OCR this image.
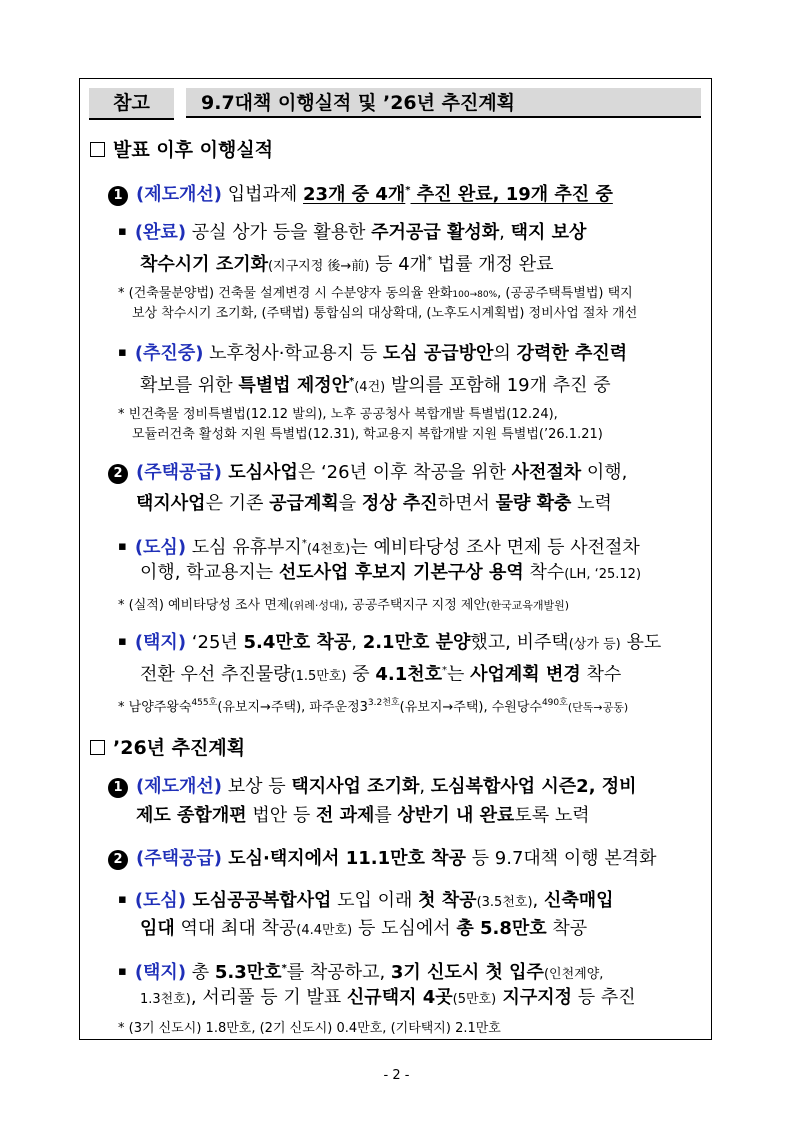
참고	9.7대책 이행실적 및 ’26년 추진계획
발표 이후 이행실적
1 (제도개선) 입법과제 23개 중 4개* 추진 완료, 19개 추진 중
▪ (완료) 공실 상가 등을 활용한 주거공급 활성화, 택지 보상
착수시기 조기화(지구지정 後→前) 등 4개* 법률 개정 완료
* (건축물분양법) 건축물 설계변경 시 수분양자 동의율 완화100→80%, (공공주택특별법) 택지
보상 착수시기 조기화, (주택법) 통합심의 대상확대, (노후도시계획법) 정비사업 절차 개선
▪ (추진중) 노후청사·학교용지 등 도심 공급방안의 강력한 추진력
확보를 위한 특별법 제정안*(4건) 발의를 포함해 19개 추진 중
* 빈건축물 정비특별법(12.12 발의), 노후 공공청사 복합개발 특별법(12.24),
모듈러건축 활성화 지원 특별법(12.31), 학교용지 복합개발 지원 특별법(’26.1.21)
2 (주택공급) 도심사업은 ‘26년 이후 착공을 위한 사전절차 이행,
택지사업은 기존 공급계획을 정상 추진하면서 물량 확충 노력
▪ (도심) 도심 유휴부지*(4천호)는 예비타당성 조사 면제 등 사전절차
이행, 학교용지는 선도사업 후보지 기본구상 용역 착수(LH, ‘25.12)
* (실적) 예비타당성 조사 면제(위례·성대), 공공주택지구 지정 제안(한국교육개발원)
▪ (택지) ‘25년 5.4만호 착공, 2.1만호 분양했고, 비주택(상가 등) 용도
전환 우선 추진물량(1.5만호) 중 4.1천호*는 사업계획 변경 착수
* 남양주왕숙$^{455호}$(유보지→주택), 파주운정$3^{3.2천호}$(유보지→주택), 수원당수$^{490호}$(단독→공동)
’26년 추진계획
1 (제도개선) 보상 등 택지사업 조기화, 도심복합사업 시즌2, 정비
제도 종합개편 법안 등 전 과제를 상반기 내 완료토록 노력
2 (주택공급) 도심·택지에서 11.1만호 착공 등 9.7대책 이행 본격화
▪ (도심) 도심공공복합사업 도입 이래 첫 착공(3.5천호), 신축매입
임대 역대 최대 착공(4.4만호) 등 도심에서 총 5.8만호 착공
▪ (택지) 총 5.3만호*를 착공하고, 3기 신도시 첫 입주(인천계양,
1.3천호), 서리풀 등 기 발표 신규택지 4곳(5만호) 지구지정 등 추진
* (3기 신도시) 1.8만호, (2기 신도시) 0.4만호, (기타택지) 2.1만호
- 2 -
